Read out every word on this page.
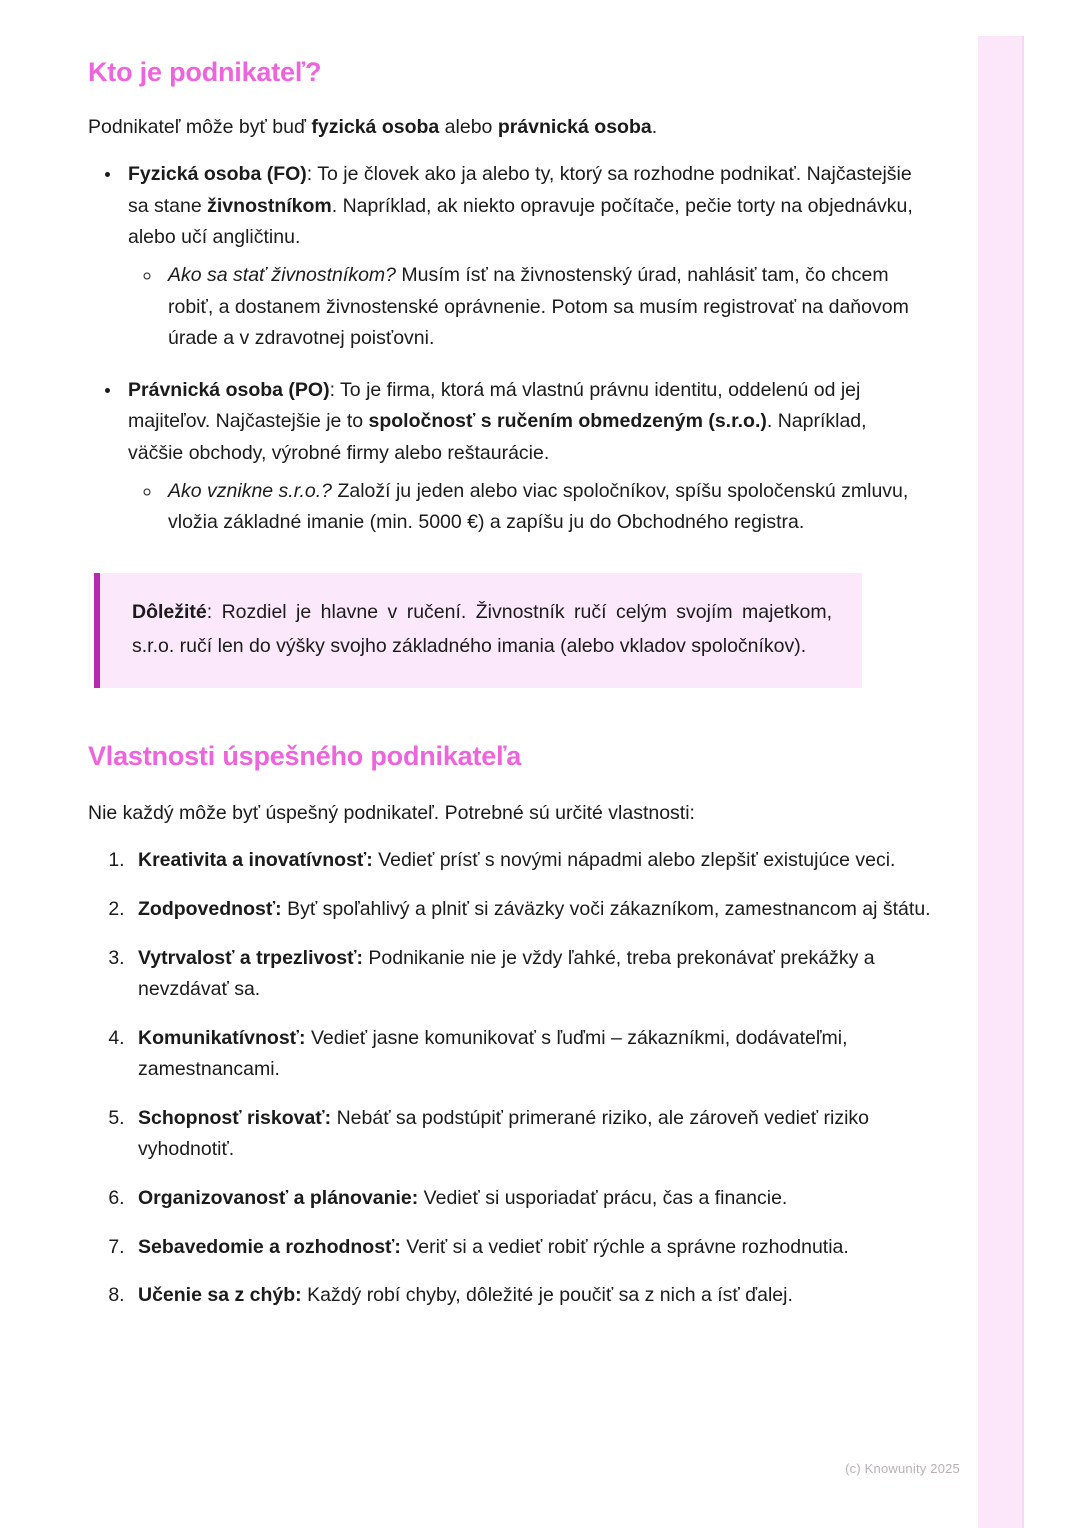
Kto je podnikateľ?

Podnikateľ môže byť buď fyzická osoba alebo právnická osoba.

• Fyzická osoba (FO): To je človek ako ja alebo ty, ktorý sa rozhodne podnikať. Najčastejšie sa stane živnostníkom. Napríklad, ak niekto opravuje počítače, pečie torty na objednávku, alebo učí angličtinu.
◦ Ako sa stať živnostníkom? Musím ísť na živnostenský úrad, nahlásiť tam, čo chcem robiť, a dostanem živnostenské oprávnenie. Potom sa musím registrovať na daňovom úrade a v zdravotnej poisťovni.
• Právnická osoba (PO): To je firma, ktorá má vlastnú právnu identitu, oddelenú od jej majiteľov. Najčastejšie je to spoločnosť s ručením obmedzeným (s.r.o.). Napríklad, väčšie obchody, výrobné firmy alebo reštaurácie.
◦ Ako vznikne s.r.o.? Založí ju jeden alebo viac spoločníkov, spíšu spoločenskú zmluvu, vložia základné imanie (min. 5000 €) a zapíšu ju do Obchodného registra.

Dôležité: Rozdiel je hlavne v ručení. Živnostník ručí celým svojím majetkom, s.r.o. ručí len do výšky svojho základného imania (alebo vkladov spoločníkov).

Vlastnosti úspešného podnikateľa

Nie každý môže byť úspešný podnikateľ. Potrebné sú určité vlastnosti:

1. Kreativita a inovatívnosť: Vedieť prísť s novými nápadmi alebo zlepšiť existujúce veci.
2. Zodpovednosť: Byť spoľahlivý a plniť si záväzky voči zákazníkom, zamestnancom aj štátu.
3. Vytrvalosť a trpezlivosť: Podnikanie nie je vždy ľahké, treba prekonávať prekážky a nevzdávať sa.
4. Komunikatívnosť: Vedieť jasne komunikovať s ľuďmi – zákazníkmi, dodávateľmi, zamestnancami.
5. Schopnosť riskovať: Nebáť sa podstúpiť primerané riziko, ale zároveň vedieť riziko vyhodnotiť.
6. Organizovanosť a plánovanie: Vedieť si usporiadať prácu, čas a financie.
7. Sebavedomie a rozhodnosť: Veriť si a vedieť robiť rýchle a správne rozhodnutia.
8. Učenie sa z chýb: Každý robí chyby, dôležité je poučiť sa z nich a ísť ďalej.
(c) Knowunity 2025
